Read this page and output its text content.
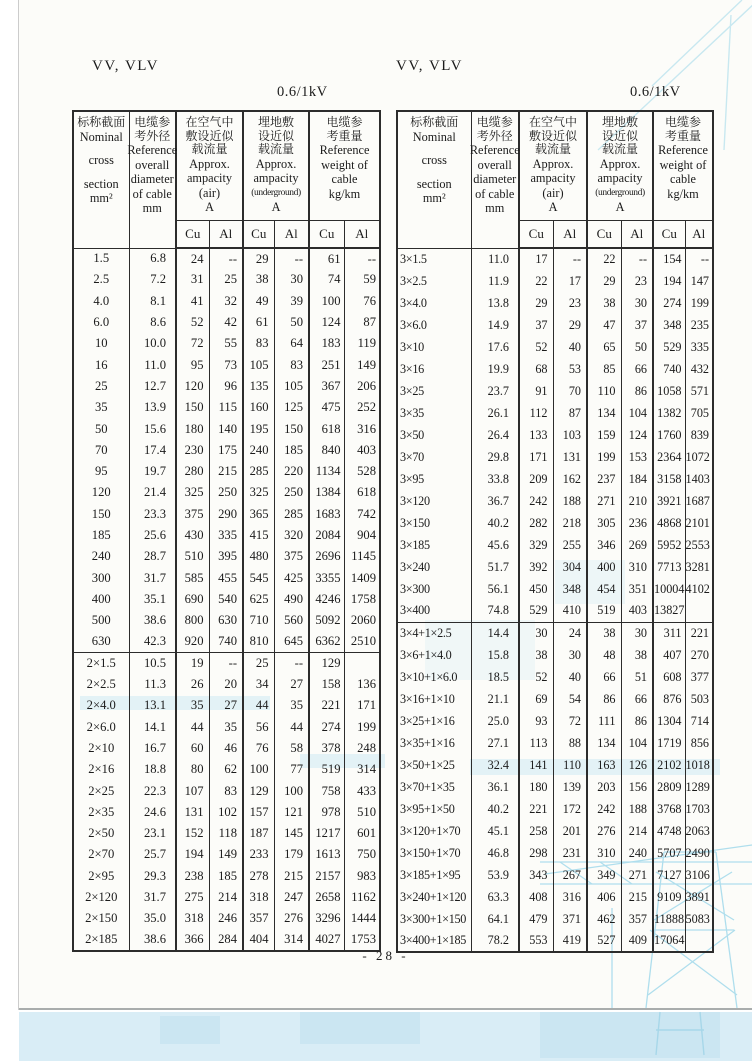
VV, VLV
0.6/1kV
VV, VLV
0.6/1kV
标称截面
Nominal
cross
section
mm²

电缆参
考外径
Reference
overall
diameter
of cable
mm

在空气中
敷设近似
载流量
Approx.
ampacity
(air)
A

埋地敷
设近似
载流量
Approx.
ampacity
(underground)
A

电缆参
考重量
Reference
weight of
cable
kg/km

		Cu	Al	Cu	Al	Cu	Al
1.5	6.8	24	--	29	--	61	--
2.5	7.2	31	25	38	30	74	59
4.0	8.1	41	32	49	39	100	76
6.0	8.6	52	42	61	50	124	87
10	10.0	72	55	83	64	183	119
16	11.0	95	73	105	83	251	149
25	12.7	120	96	135	105	367	206
35	13.9	150	115	160	125	475	252
50	15.6	180	140	195	150	618	316
70	17.4	230	175	240	185	840	403
95	19.7	280	215	285	220	1134	528
120	21.4	325	250	325	250	1384	618
150	23.3	375	290	365	285	1683	742
185	25.6	430	335	415	320	2084	904
240	28.7	510	395	480	375	2696	1145
300	31.7	585	455	545	425	3355	1409
400	35.1	690	540	625	490	4246	1758
500	38.6	800	630	710	560	5092	2060
630	42.3	920	740	810	645	6362	2510
2×1.5	10.5	19	--	25	--	129	
2×2.5	11.3	26	20	34	27	158	136
2×4.0	13.1	35	27	44	35	221	171
2×6.0	14.1	44	35	56	44	274	199
2×10	16.7	60	46	76	58	378	248
2×16	18.8	80	62	100	77	519	314
2×25	22.3	107	83	129	100	758	433
2×35	24.6	131	102	157	121	978	510
2×50	23.1	152	118	187	145	1217	601
2×70	25.7	194	149	233	179	1613	750
2×95	29.3	238	185	278	215	2157	983
2×120	31.7	275	214	318	247	2658	1162
2×150	35.0	318	246	357	276	3296	1444
2×185	38.6	366	284	404	314	4027	1753
标称截面
Nominal
cross
section
mm²

电缆参
考外径
Reference
overall
diameter
of cable
mm

在空气中
敷设近似
载流量
Approx.
ampacity
(air)
A

埋地敷
设近似
载流量
Approx.
ampacity
(underground)
A

电缆参
考重量
Reference
weight of
cable
kg/km

		Cu	Al	Cu	Al	Cu	Al
3×1.5	11.0	17	--	22	--	154	--
3×2.5	11.9	22	17	29	23	194	147
3×4.0	13.8	29	23	38	30	274	199
3×6.0	14.9	37	29	47	37	348	235
3×10	17.6	52	40	65	50	529	335
3×16	19.9	68	53	85	66	740	432
3×25	23.7	91	70	110	86	1058	571
3×35	26.1	112	87	134	104	1382	705
3×50	26.4	133	103	159	124	1760	839
3×70	29.8	171	131	199	153	2364	1072
3×95	33.8	209	162	237	184	3158	1403
3×120	36.7	242	188	271	210	3921	1687
3×150	40.2	282	218	305	236	4868	2101
3×185	45.6	329	255	346	269	5952	2553
3×240	51.7	392	304	400	310	7713	3281
3×300	56.1	450	348	454	351	10004	4102
3×400	74.8	529	410	519	403	13827	
3×4+1×2.5	14.4	30	24	38	30	311	221
3×6+1×4.0	15.8	38	30	48	38	407	270
3×10+1×6.0	18.5	52	40	66	51	608	377
3×16+1×10	21.1	69	54	86	66	876	503
3×25+1×16	25.0	93	72	111	86	1304	714
3×35+1×16	27.1	113	88	134	104	1719	856
3×50+1×25	32.4	141	110	163	126	2102	1018
3×70+1×35	36.1	180	139	203	156	2809	1289
3×95+1×50	40.2	221	172	242	188	3768	1703
3×120+1×70	45.1	258	201	276	214	4748	2063
3×150+1×70	46.8	298	231	310	240	5707	2490
3×185+1×95	53.9	343	267	349	271	7127	3106
3×240+1×120	63.3	408	316	406	215	9109	3891
3×300+1×150	64.1	479	371	462	357	11888	5083
3×400+1×185	78.2	553	419	527	409	17064	
- 28 -
